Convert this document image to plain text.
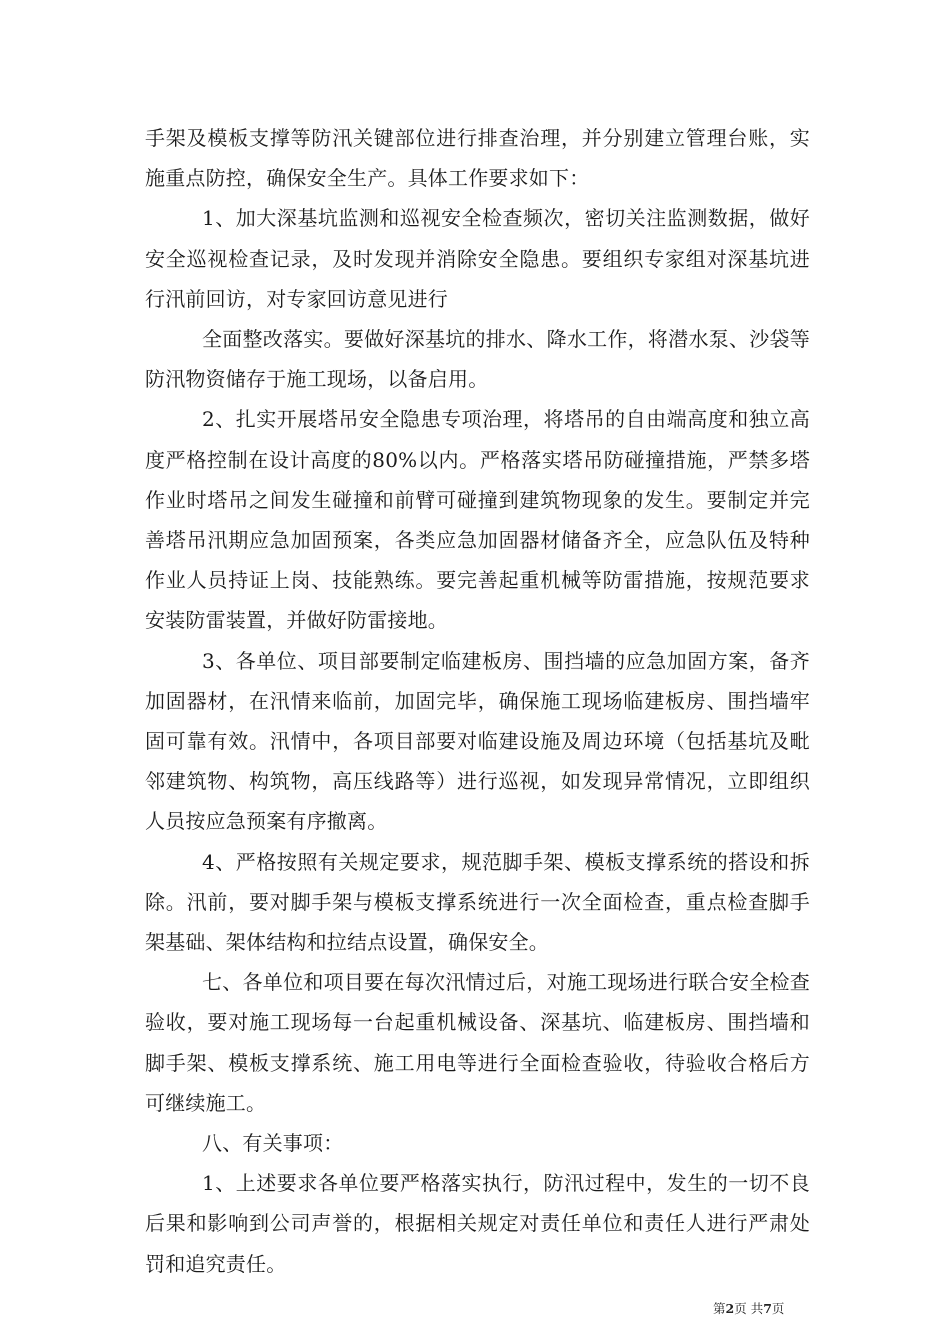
手架及模板支撑等防汛关键部位进行排查治理，并分别建立管理台账，实施重点防控，确保安全生产。具体工作要求如下：

1、加大深基坑监测和巡视安全检查频次，密切关注监测数据，做好安全巡视检查记录，及时发现并消除安全隐患。要组织专家组对深基坑进行汛前回访，对专家回访意见进行

全面整改落实。要做好深基坑的排水、降水工作，将潜水泵、沙袋等防汛物资储存于施工现场，以备启用。

2、扎实开展塔吊安全隐患专项治理，将塔吊的自由端高度和独立高度严格控制在设计高度的80%以内。严格落实塔吊防碰撞措施，严禁多塔作业时塔吊之间发生碰撞和前臂可碰撞到建筑物现象的发生。要制定并完善塔吊汛期应急加固预案，各类应急加固器材储备齐全，应急队伍及特种作业人员持证上岗、技能熟练。要完善起重机械等防雷措施，按规范要求安装防雷装置，并做好防雷接地。

3、各单位、项目部要制定临建板房、围挡墙的应急加固方案，备齐加固器材，在汛情来临前，加固完毕，确保施工现场临建板房、围挡墙牢固可靠有效。汛情中，各项目部要对临建设施及周边环境（包括基坑及毗邻建筑物、构筑物，高压线路等）进行巡视，如发现异常情况，立即组织人员按应急预案有序撤离。

4、严格按照有关规定要求，规范脚手架、模板支撑系统的搭设和拆除。汛前，要对脚手架与模板支撑系统进行一次全面检查，重点检查脚手架基础、架体结构和拉结点设置，确保安全。

七、各单位和项目要在每次汛情过后，对施工现场进行联合安全检查验收，要对施工现场每一台起重机械设备、深基坑、临建板房、围挡墙和脚手架、模板支撑系统、施工用电等进行全面检查验收，待验收合格后方可继续施工。

八、有关事项：

1、上述要求各单位要严格落实执行，防汛过程中，发生的一切不良后果和影响到公司声誉的，根据相关规定对责任单位和责任人进行严肃处罚和追究责任。

第2页 共7页
